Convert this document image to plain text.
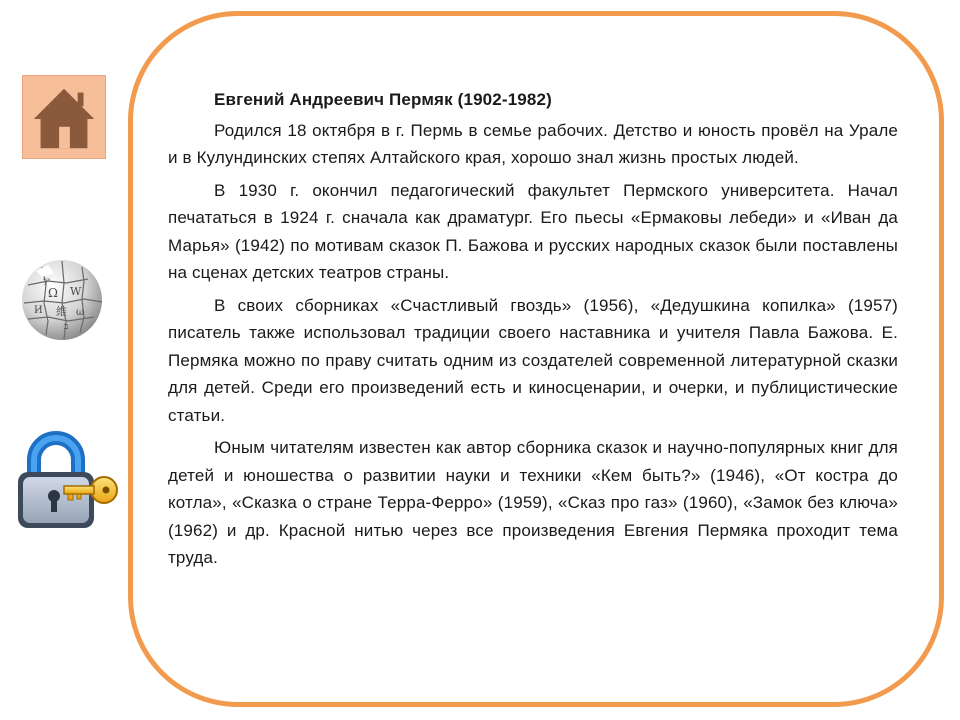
Ω W
И 維 ω
ア
ב

Евгений Андреевич Пермяк (1902-1982)

Родился 18 октября в г. Пермь в семье рабочих. Детство и юность провёл на Урале и в Кулундинских степях Алтайского края, хорошо знал жизнь простых людей.

В 1930 г. окончил педагогический факультет Пермского университета. Начал печататься в 1924 г. сначала как драматург. Его пьесы «Ермаковы лебеди» и «Иван да Марья» (1942) по мотивам сказок П. Бажова и русских народных сказок были поставлены на сценах детских театров страны.

В своих сборниках «Счастливый гвоздь» (1956), «Дедушкина копилка» (1957) писатель также использовал традиции своего наставника и учителя Павла Бажова. Е. Пермяка можно по праву считать одним из создателей современной литературной сказки для детей. Среди его произведений есть и киносценарии, и очерки, и публицистические статьи.

Юным читателям известен как автор сборника сказок и научно-популярных книг для детей и юношества о развитии науки и техники «Кем быть?» (1946), «От костра до котла», «Сказка о стране Терра-Ферро» (1959), «Сказ про газ» (1960), «Замок без ключа» (1962) и др. Красной нитью через все произведения Евгения Пермяка проходит тема труда.
